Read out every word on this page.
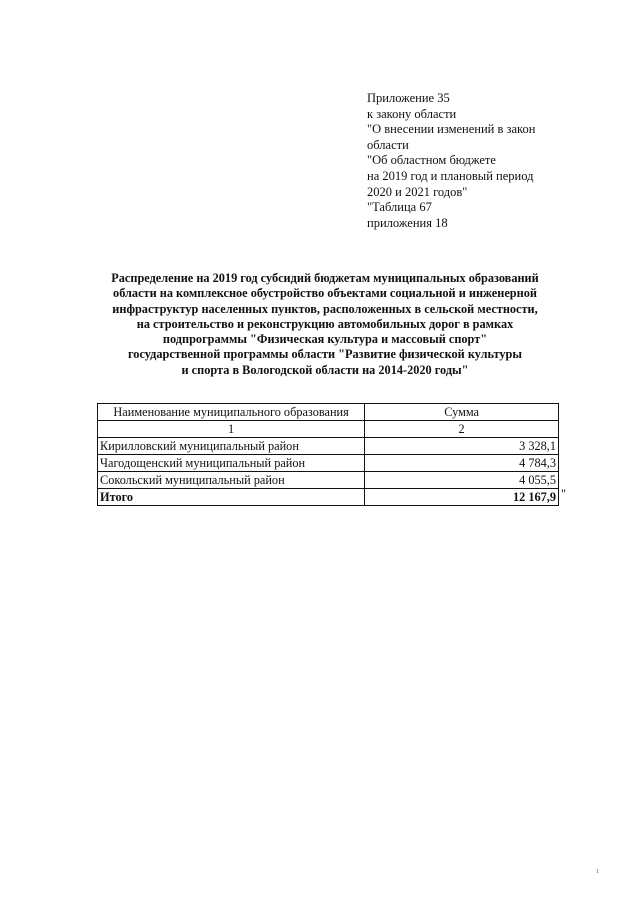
Приложение 35
к закону области
"О внесении изменений в закон
области
"Об областном бюджете
на 2019 год и плановый период
2020 и 2021 годов"
"Таблица 67
приложения 18
Распределение на 2019 год субсидий бюджетам муниципальных образований
области на комплексное обустройство объектами социальной и инженерной
инфраструктур населенных пунктов, расположенных в сельской местности,
на строительство и реконструкцию автомобильных дорог в рамках
подпрограммы "Физическая культура и массовый спорт"
государственной программы области "Развитие физической культуры
и спорта в Вологодской области на 2014-2020 годы"
Наименование муниципального образования	Сумма
1	2
Кирилловский муниципальный район	3 328,1
Чагодощенский муниципальный район	4 784,3
Сокольский муниципальный район	4 055,5
Итого	12 167,9 "
1
